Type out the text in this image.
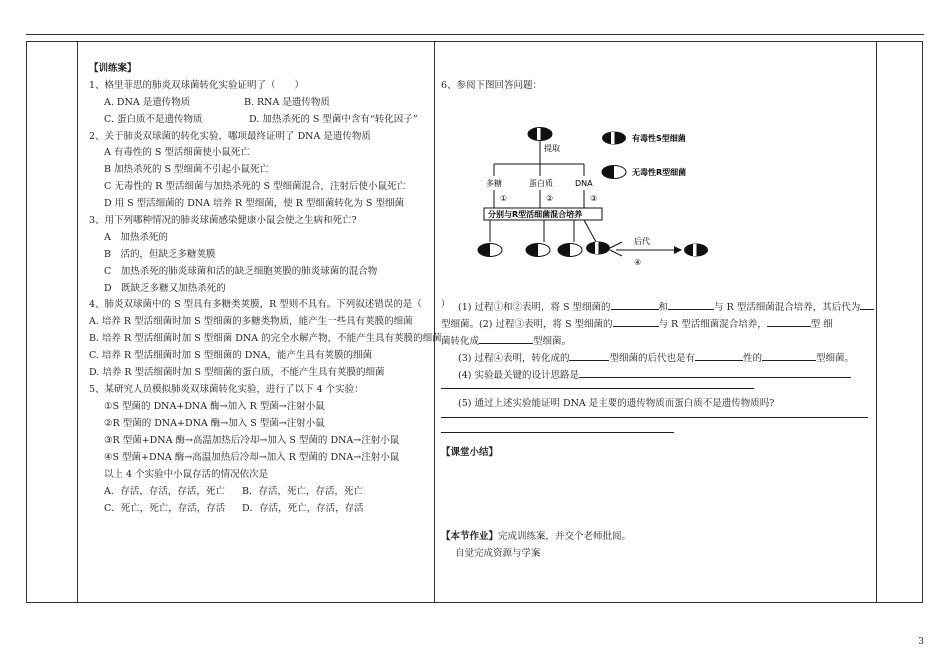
【训练案】
1、格里菲思的肺炎双球菌转化实验证明了（　　）
A. DNA 是遗传物质	B. RNA 是遗传物质
C. 蛋白质不是遗传物质	D. 加热杀死的 S 型菌中含有“转化因子”
2、关于肺炎双球菌的转化实验，哪项最终证明了 DNA 是遗传物质
A 有毒性的 S 型活细菌使小鼠死亡
B 加热杀死的 S 型细菌不引起小鼠死亡
C 无毒性的 R 型活细菌与加热杀死的 S 型细菌混合，注射后使小鼠死亡
D 用 S 型活细菌的 DNA 培养 R 型细菌，使 R 型细菌转化为 S 型细菌
3、用下列哪种情况的肺炎球菌感染健康小鼠会使之生病和死亡?
A　加热杀死的
B　活的，但缺乏多糖荚膜
C　加热杀死的肺炎球菌和活的缺乏细胞荚膜的肺炎球菌的混合物
D　既缺乏多糖又加热杀死的
4、肺炎双球菌中的 S 型具有多糖类荚膜，R 型则不具有。下列叙述错误的是（　　）
A. 培养 R 型活细菌时加 S 型细菌的多糖类物质，能产生一些具有荚膜的细菌
B. 培养 R 型活细菌时加 S 型细菌 DNA 的完全水解产物，不能产生具有荚膜的细菌
C. 培养 R 型活细菌时加 S 型细菌的 DNA，能产生具有荚膜的细菌
D. 培养 R 型活细菌时加 S 型细菌的蛋白质，不能产生具有荚膜的细菌
5、某研究人员模拟肺炎双球菌转化实验，进行了以下 4 个实验：
①S 型菌的 DNA+DNA 酶→加入 R 型菌→注射小鼠
②R 型菌的 DNA+DNA 酶→加入 S 型菌→注射小鼠
③R 型菌+DNA 酶→高温加热后冷却→加入 S 型菌的 DNA→注射小鼠
④S 型菌+DNA 酶→高温加热后冷却→加入 R 型菌的 DNA→注射小鼠
以上 4 个实验中小鼠存活的情况依次是
A．存活，存活，存活，死亡 B．存活，死亡，存活，死亡
C．死亡，死亡，存活，存活 D．存活，死亡，存活，存活
6、参阅下图回答问题：
提取
有毒性S型细菌
无毒性R型细菌
多糖	蛋白质	DNA
①	②	③
分别与R型活细菌混合培养
后代
④
(1) 过程①和②表明，将 S 型细菌的	和	与 R 型活细菌混合培养，其后代为
型细菌。(2) 过程③表明，将 S 型细菌的	与 R 型活细菌混合培养，	型 细
菌转化成	型细菌。
(3) 过程④表明，转化成的	型细菌的后代也是有	性的	型细菌。
(4) 实验最关键的设计思路是
(5) 通过上述实验能证明 DNA 是主要的遗传物质而蛋白质不是遗传物质吗?
【课堂小结】
【本节作业】完成训练案，并交个老师批阅。
自觉完成资源与学案
3
